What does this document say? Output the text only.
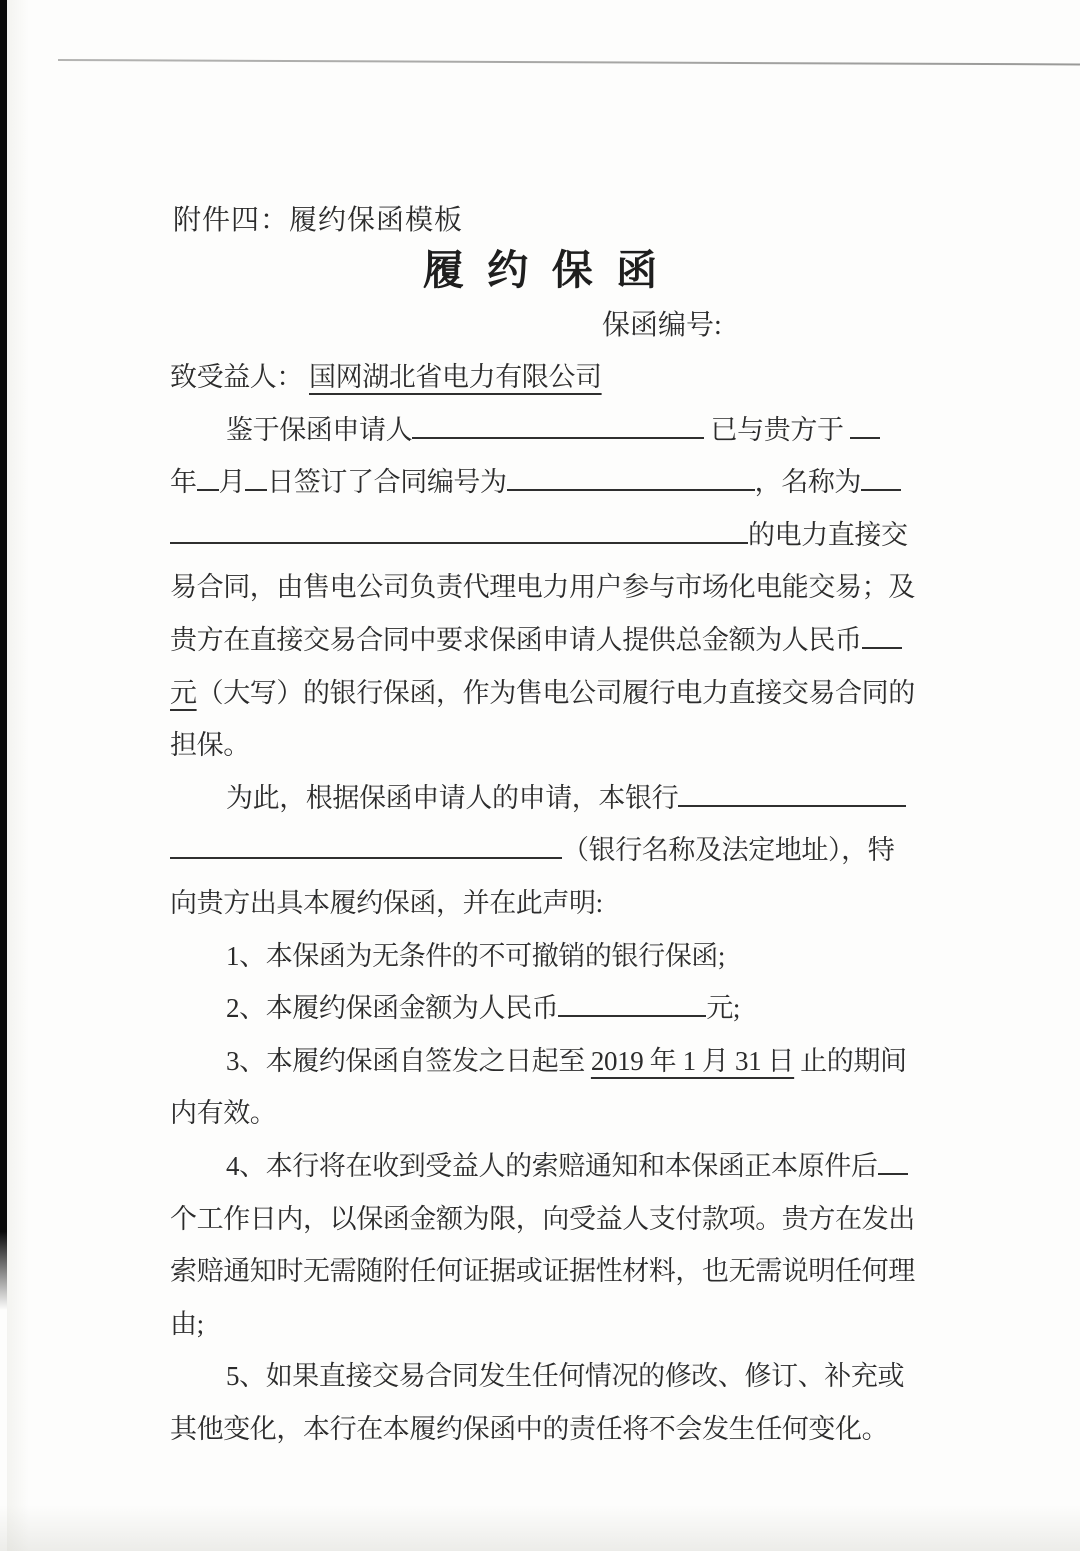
附件四：履约保函模板
履 约 保 函
保函编号:
致受益人： 国网湖北省电力有限公司
鉴于保函申请人	已与贵方于
年 月 日签订了合同编号为	，名称为
的电力直接交
易合同，由售电公司负责代理电力用户参与市场化电能交易；及
贵方在直接交易合同中要求保函申请人提供总金额为人民币
元（大写）的银行保函，作为售电公司履行电力直接交易合同的
担保。
为此，根据保函申请人的申请，本银行
（银行名称及法定地址），特
向贵方出具本履约保函，并在此声明:
1、本保函为无条件的不可撤销的银行保函;
2、本履约保函金额为人民币	元;
3、本履约保函自签发之日起至 2019 年 1 月 31 日 止的期间
内有效。
4、本行将在收到受益人的索赔通知和本保函正本原件后
个工作日内，以保函金额为限，向受益人支付款项。贵方在发出
索赔通知时无需随附任何证据或证据性材料，也无需说明任何理
由;
5、如果直接交易合同发生任何情况的修改、修订、补充或
其他变化，本行在本履约保函中的责任将不会发生任何变化。
